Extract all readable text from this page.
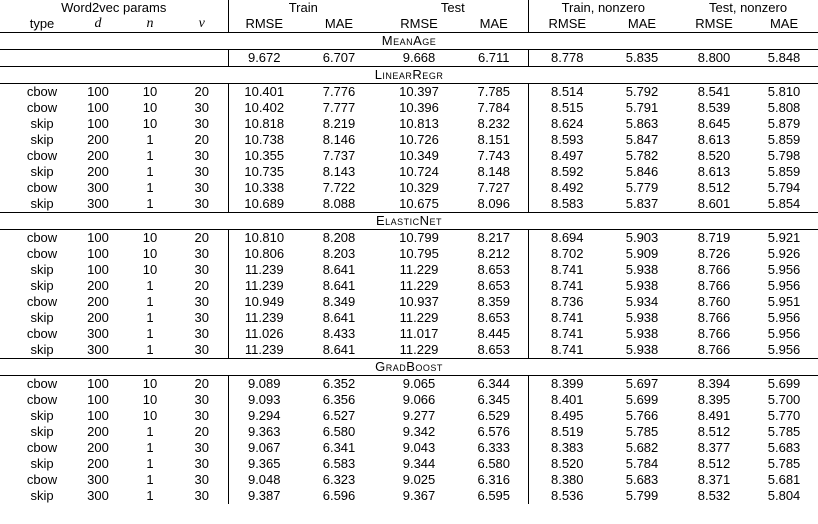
Word2vec params				Train		Test		Train, nonzero		Test, nonzero	
type	d	n	v	RMSE	MAE	RMSE	MAE	RMSE	MAE	RMSE	MAE
MeanAge											
				9.672	6.707	9.668	6.711	8.778	5.835	8.800	5.848
LinearRegr											
cbow	100	10	20	10.401	7.776	10.397	7.785	8.514	5.792	8.541	5.810
cbow	100	10	30	10.402	7.777	10.396	7.784	8.515	5.791	8.539	5.808
skip	100	10	30	10.818	8.219	10.813	8.232	8.624	5.863	8.645	5.879
skip	200	1	20	10.738	8.146	10.726	8.151	8.593	5.847	8.613	5.859
cbow	200	1	30	10.355	7.737	10.349	7.743	8.497	5.782	8.520	5.798
skip	200	1	30	10.735	8.143	10.724	8.148	8.592	5.846	8.613	5.859
cbow	300	1	30	10.338	7.722	10.329	7.727	8.492	5.779	8.512	5.794
skip	300	1	30	10.689	8.088	10.675	8.096	8.583	5.837	8.601	5.854
ElasticNet											
cbow	100	10	20	10.810	8.208	10.799	8.217	8.694	5.903	8.719	5.921
cbow	100	10	30	10.806	8.203	10.795	8.212	8.702	5.909	8.726	5.926
skip	100	10	30	11.239	8.641	11.229	8.653	8.741	5.938	8.766	5.956
skip	200	1	20	11.239	8.641	11.229	8.653	8.741	5.938	8.766	5.956
cbow	200	1	30	10.949	8.349	10.937	8.359	8.736	5.934	8.760	5.951
skip	200	1	30	11.239	8.641	11.229	8.653	8.741	5.938	8.766	5.956
cbow	300	1	30	11.026	8.433	11.017	8.445	8.741	5.938	8.766	5.956
skip	300	1	30	11.239	8.641	11.229	8.653	8.741	5.938	8.766	5.956
GradBoost											
cbow	100	10	20	9.089	6.352	9.065	6.344	8.399	5.697	8.394	5.699
cbow	100	10	30	9.093	6.356	9.066	6.345	8.401	5.699	8.395	5.700
skip	100	10	30	9.294	6.527	9.277	6.529	8.495	5.766	8.491	5.770
skip	200	1	20	9.363	6.580	9.342	6.576	8.519	5.785	8.512	5.785
cbow	200	1	30	9.067	6.341	9.043	6.333	8.383	5.682	8.377	5.683
skip	200	1	30	9.365	6.583	9.344	6.580	8.520	5.784	8.512	5.785
cbow	300	1	30	9.048	6.323	9.025	6.316	8.380	5.683	8.371	5.681
skip	300	1	30	9.387	6.596	9.367	6.595	8.536	5.799	8.532	5.804
